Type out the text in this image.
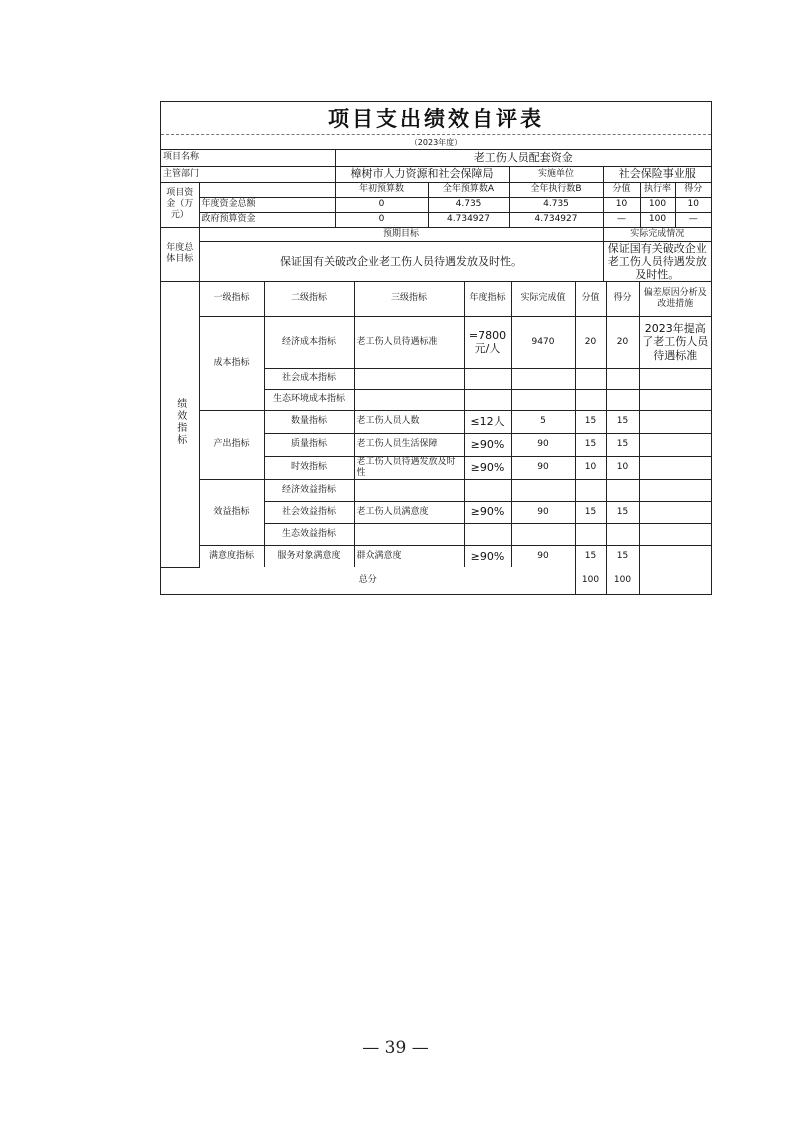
项目支出绩效自评表
（2023年度）
项目名称		老工伤人员配套资金					
主管部门		樟树市人力资源和社会保障局		实施单位	社会保险事业服		
项目资金（万元）		年初预算数	全年预算数A	全年执行数B	分值	执行率	得分
	年度资金总额	0	4.735	4.735	10	100	10
	政府预算资金	0	4.734927	4.734927	—	100	—
年度总体目标	预期目标				实际完成情况		
	保证国有关破改企业老工伤人员待遇发放及时性。				保证国有关破改企业老工伤人员待遇发放及时性。		
绩效指标	一级指标	二级指标	三级指标	年度指标	实际完成值	分值	得分	偏差原因分析及改进措施
	成本指标	经济成本指标	老工伤人员待遇标准	=7800元/人	9470	20	20	2023年提高了老工伤人员待遇标准
		社会成本指标						
		生态环境成本指标						
	产出指标	数量指标	老工伤人员人数	≤12人	5	15	15	
		质量指标	老工伤人员生活保障	≥90%	90	15	15	
		时效指标	老工伤人员待遇发放及时性	≥90%	90	10	10	
	效益指标	经济效益指标						
		社会效益指标	老工伤人员满意度	≥90%	90	15	15	
		生态效益指标						
	满意度指标	服务对象满意度	群众满意度	≥90%	90	15	15	
总分						100	100	
— 39 —
